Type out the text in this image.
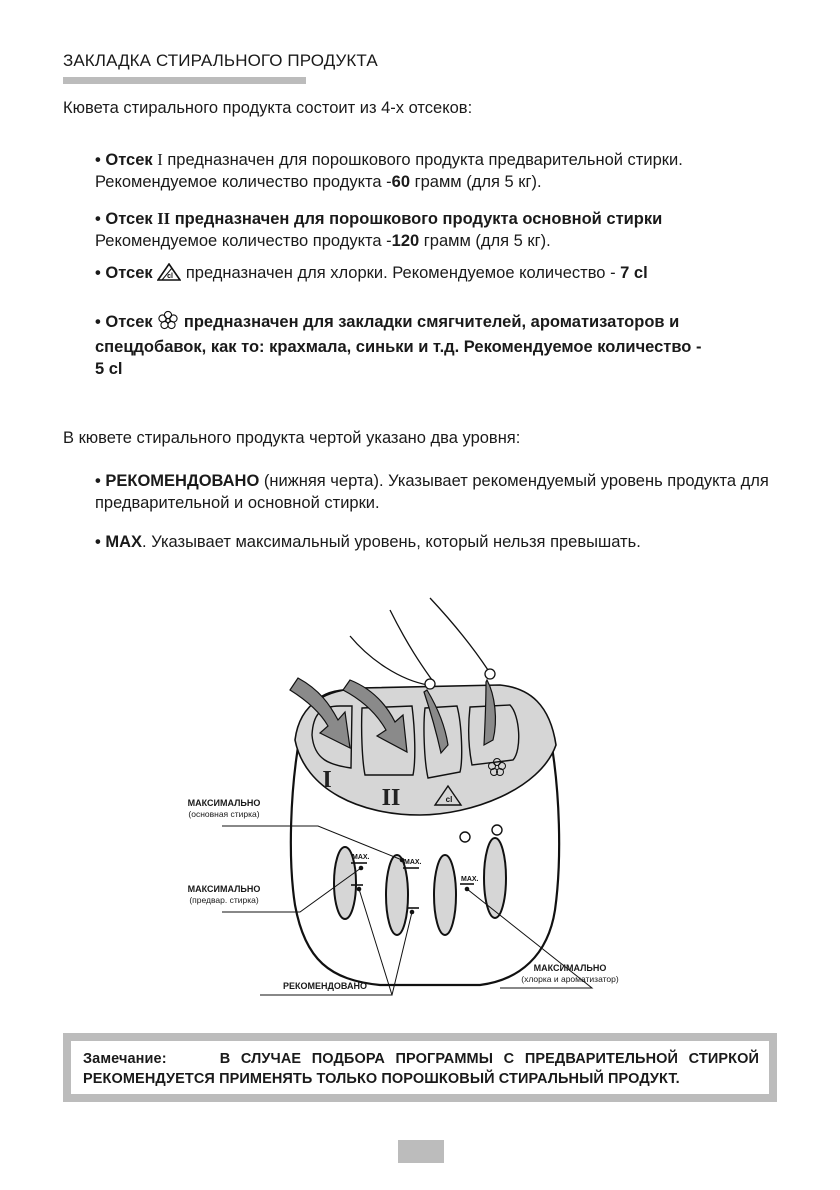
ЗАКЛАДКА СТИРАЛЬНОГО ПРОДУКТА
Кювета стирального продукта состоит из 4-х отсеков:
• Отсек I предназначен для порошкового продукта предварительной стирки.
Рекомендуемое количество продукта -60 грамм (для 5 кг).
• Отсек II предназначен для порошкового продукта основной стирки
Рекомендуемое количество продукта -120 грамм (для 5 кг).
• Отсек cl предназначен для хлорки. Рекомендуемое количество - 7 cl
• Отсек  предназначен для закладки смягчителей, ароматизаторов и спецдобавок, как то: крахмала, синьки и т.д. Рекомендуемое количество -
5 cl
В кювете стирального продукта чертой указано два уровня:
• РЕКОМЕНДОВАНО (нижняя черта). Указывает рекомендуемый уровень продукта для предварительной и основной стирки.
• MAX. Указывает максимальный уровень, который нельзя превышать.
I
II	cl
MAX.
MAX.
MAX.
МАКСИМАЛЬНО
(основная стирка)
МАКСИМАЛЬНО
(предвар. стирка)
РЕКОМЕНДОВАНО
МАКСИМАЛЬНО
(хлорка и ароматизатор)
Замечание:	В СЛУЧАЕ ПОДБОРА ПРОГРАММЫ С ПРЕДВАРИТЕЛЬНОЙ СТИРКОЙ РЕКОМЕНДУЕТСЯ ПРИМЕНЯТЬ ТОЛЬКО ПОРОШКОВЫЙ СТИРАЛЬНЫЙ ПРОДУКТ.
